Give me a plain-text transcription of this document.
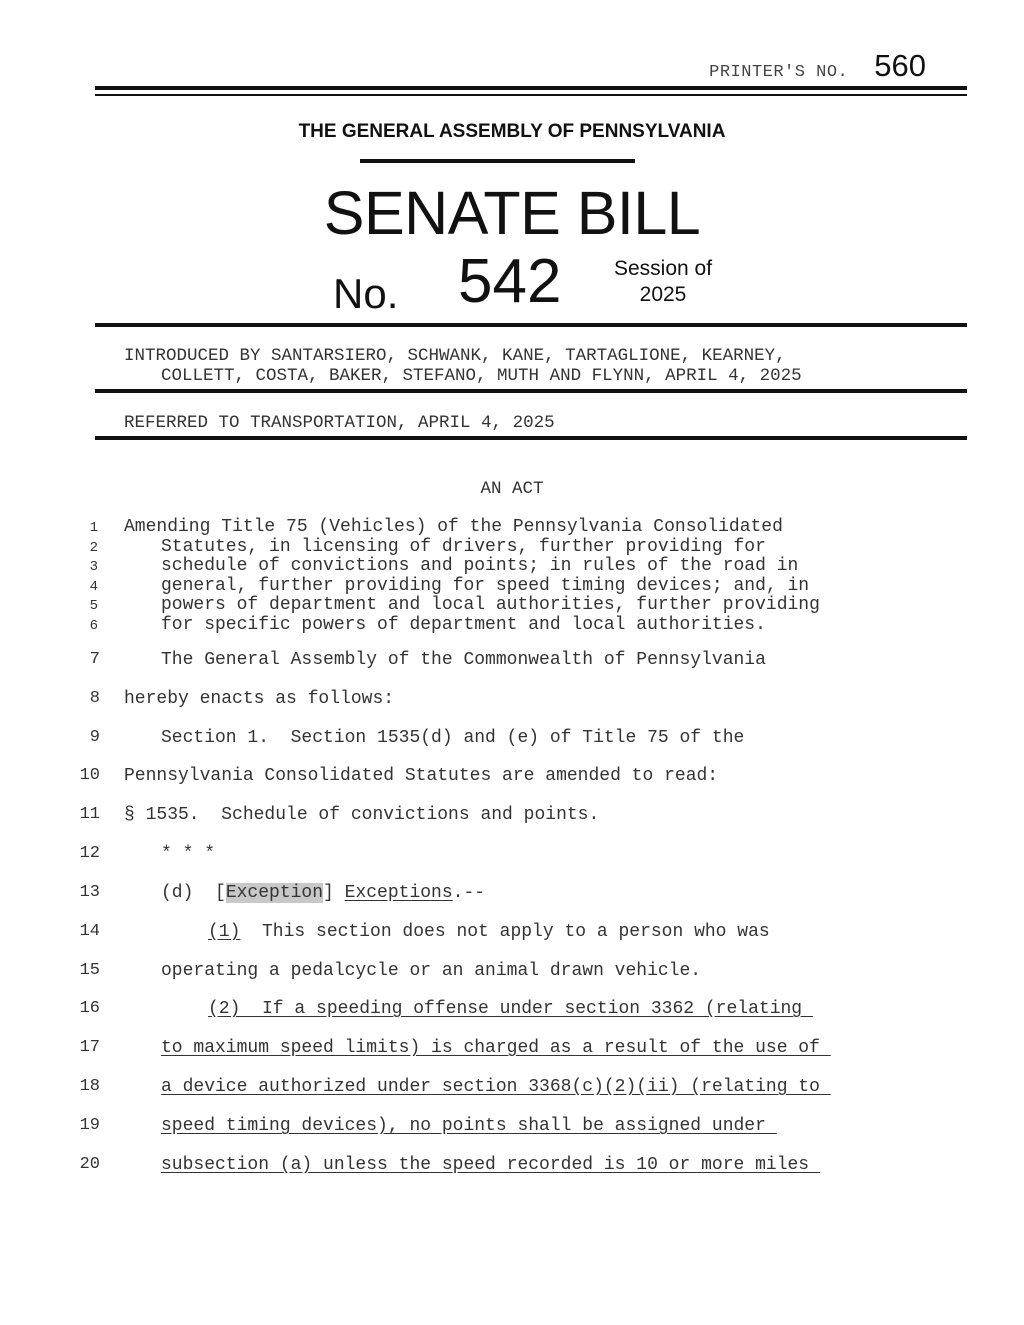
PRINTER'S NO. 560
THE GENERAL ASSEMBLY OF PENNSYLVANIA
SENATE BILL
No. 542	Session of
2025
INTRODUCED BY SANTARSIERO, SCHWANK, KANE, TARTAGLIONE, KEARNEY,
COLLETT, COSTA, BAKER, STEFANO, MUTH AND FLYNN, APRIL 4, 2025
REFERRED TO TRANSPORTATION, APRIL 4, 2025
AN ACT
1 Amending Title 75 (Vehicles) of the Pennsylvania Consolidated
2	Statutes, in licensing of drivers, further providing for
3	schedule of convictions and points; in rules of the road in
4	general, further providing for speed timing devices; and, in
5	powers of department and local authorities, further providing
6	for specific powers of department and local authorities.
7	The General Assembly of the Commonwealth of Pennsylvania
8 hereby enacts as follows:
9	Section 1.  Section 1535(d) and (e) of Title 75 of the
10 Pennsylvania Consolidated Statutes are amended to read:
11 § 1535.  Schedule of convictions and points.
12	* * *
13	(d)  [Exception] Exceptions.--
14	(1)  This section does not apply to a person who was
15	operating a pedalcycle or an animal drawn vehicle.
16	(2)  If a speeding offense under section 3362 (relating
17	to maximum speed limits) is charged as a result of the use of
18	a device authorized under section 3368(c)(2)(ii) (relating to
19	speed timing devices), no points shall be assigned under
20	subsection (a) unless the speed recorded is 10 or more miles
